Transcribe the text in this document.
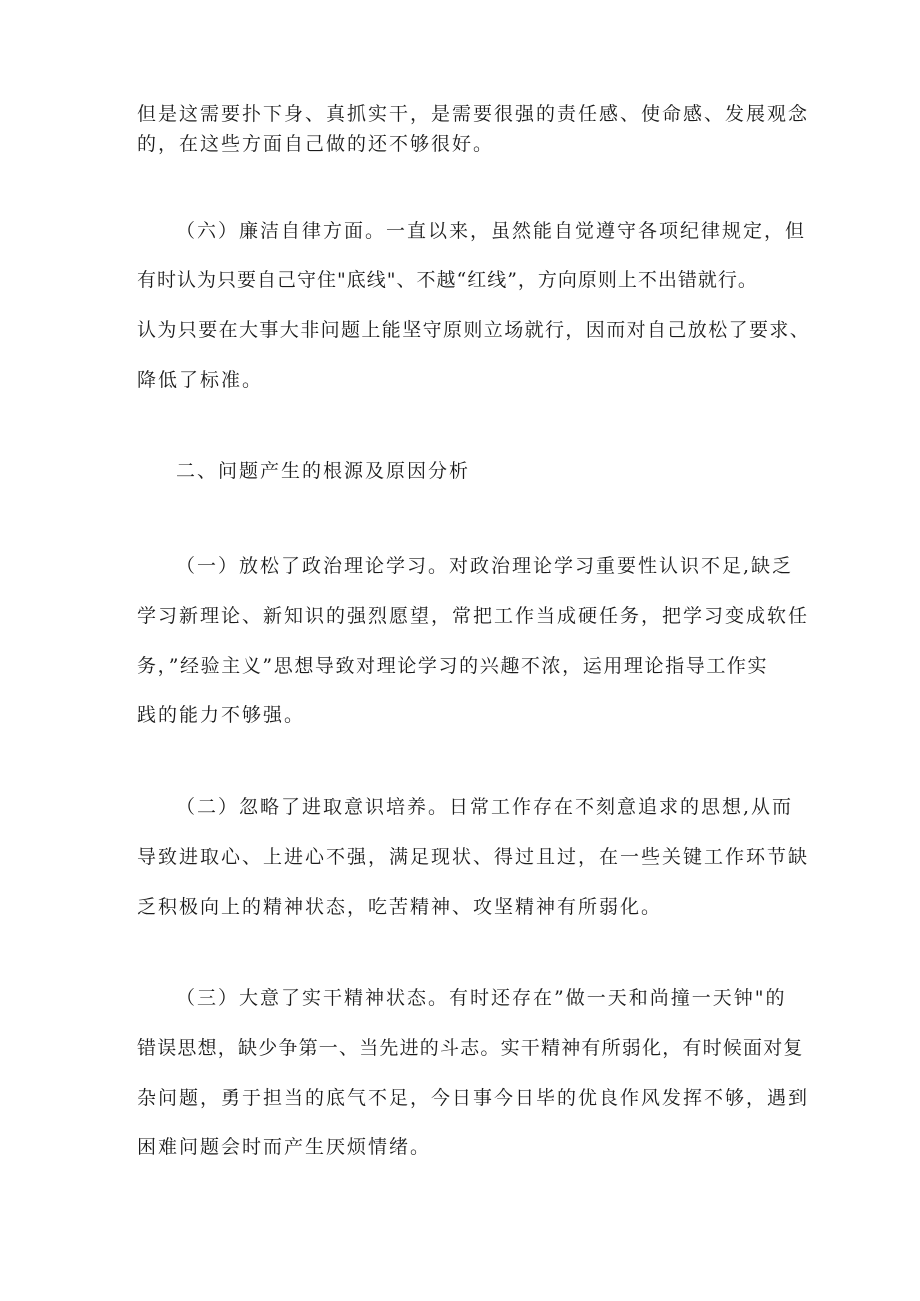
但是这需要扑下身、真抓实干，是需要很强的责任感、使命感、发展观念
的，在这些方面自己做的还不够很好。
（六）廉洁自律方面。一直以来，虽然能自觉遵守各项纪律规定，但
有时认为只要自己守住"底线"、不越“红线”，方向原则上不出错就行。
认为只要在大事大非问题上能坚守原则立场就行，因而对自己放松了要求、
降低了标准。
二、问题产生的根源及原因分析
（一）放松了政治理论学习。对政治理论学习重要性认识不足,缺乏
学习新理论、新知识的强烈愿望，常把工作当成硬任务，把学习变成软任
务，”经验主义”思想导致对理论学习的兴趣不浓，运用理论指导工作实
践的能力不够强。
（二）忽略了进取意识培养。日常工作存在不刻意追求的思想,从而
导致进取心、上进心不强，满足现状、得过且过，在一些关键工作环节缺
乏积极向上的精神状态，吃苦精神、攻坚精神有所弱化。
（三）大意了实干精神状态。有时还存在”做一天和尚撞一天钟"的
错误思想，缺少争第一、当先进的斗志。实干精神有所弱化，有时候面对复
杂问题，勇于担当的底气不足，今日事今日毕的优良作风发挥不够，遇到
困难问题会时而产生厌烦情绪。
